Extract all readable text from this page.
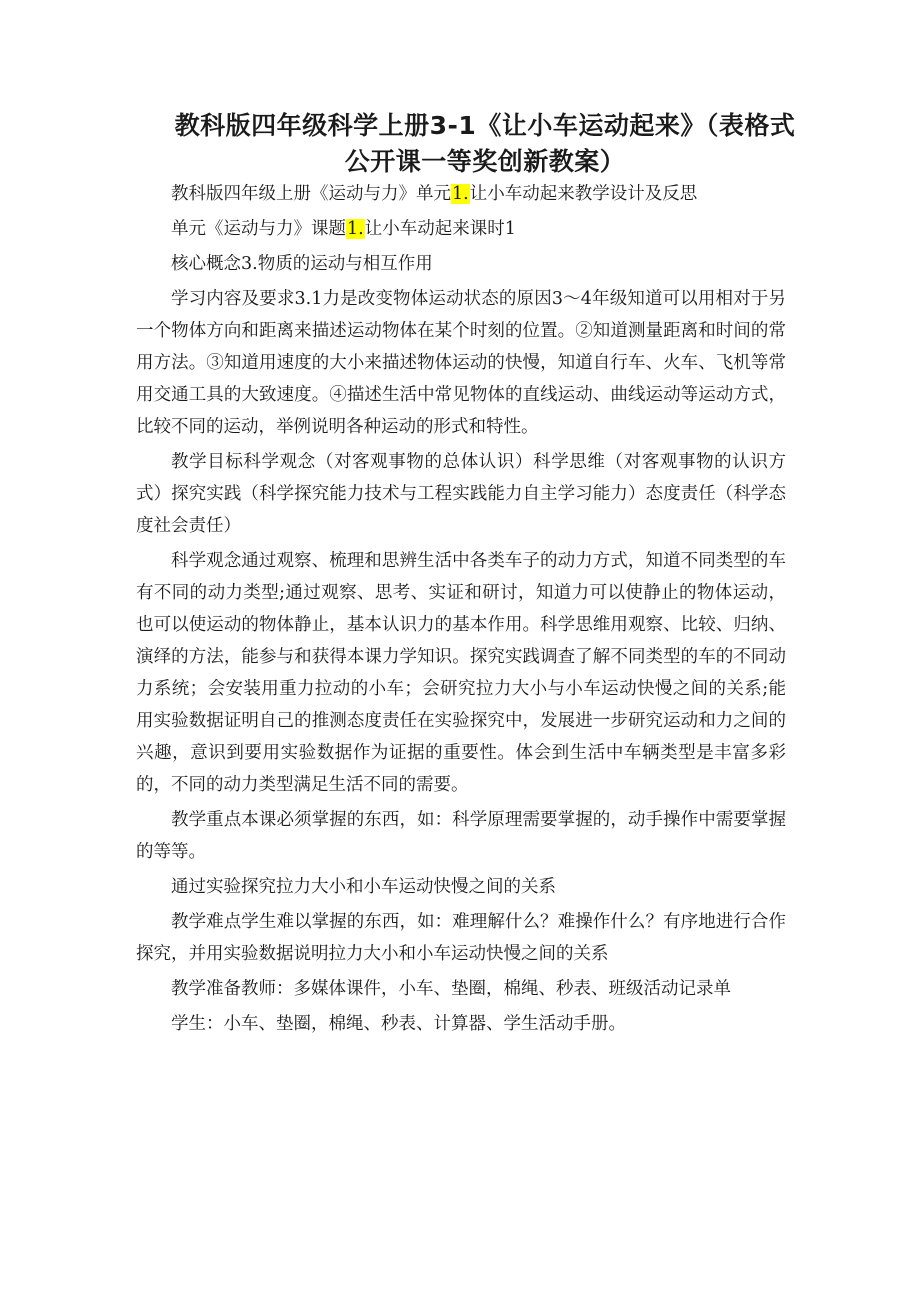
教科版四年级科学上册3-1《让小车运动起来》（表格式
公开课一等奖创新教案）

教科版四年级上册《运动与力》单元1.让小车动起来教学设计及反思

单元《运动与力》课题1.让小车动起来课时1

核心概念3.物质的运动与相互作用

学习内容及要求3.1力是改变物体运动状态的原因3～4年级知道可以用相对于另一个物体方向和距离来描述运动物体在某个时刻的位置。②知道测量距离和时间的常用方法。③知道用速度的大小来描述物体运动的快慢，知道自行车、火车、飞机等常用交通工具的大致速度。④描述生活中常见物体的直线运动、曲线运动等运动方式，比较不同的运动，举例说明各种运动的形式和特性。

教学目标科学观念（对客观事物的总体认识）科学思维（对客观事物的认识方式）探究实践（科学探究能力技术与工程实践能力自主学习能力）态度责任（科学态度社会责任）

科学观念通过观察、梳理和思辨生活中各类车子的动力方式，知道不同类型的车有不同的动力类型;通过观察、思考、实证和研讨，知道力可以使静止的物体运动，也可以使运动的物体静止，基本认识力的基本作用。科学思维用观察、比较、归纳、演绎的方法，能参与和获得本课力学知识。探究实践调查了解不同类型的车的不同动力系统；会安装用重力拉动的小车；会研究拉力大小与小车运动快慢之间的关系;能用实验数据证明自己的推测态度责任在实验探究中，发展进一步研究运动和力之间的兴趣，意识到要用实验数据作为证据的重要性。体会到生活中车辆类型是丰富多彩的，不同的动力类型满足生活不同的需要。

教学重点本课必须掌握的东西，如：科学原理需要掌握的，动手操作中需要掌握的等等。

通过实验探究拉力大小和小车运动快慢之间的关系

教学难点学生难以掌握的东西，如：难理解什么？难操作什么？有序地进行合作探究，并用实验数据说明拉力大小和小车运动快慢之间的关系

教学准备教师：多媒体课件，小车、垫圈，棉绳、秒表、班级活动记录单

学生：小车、垫圈，棉绳、秒表、计算器、学生活动手册。
